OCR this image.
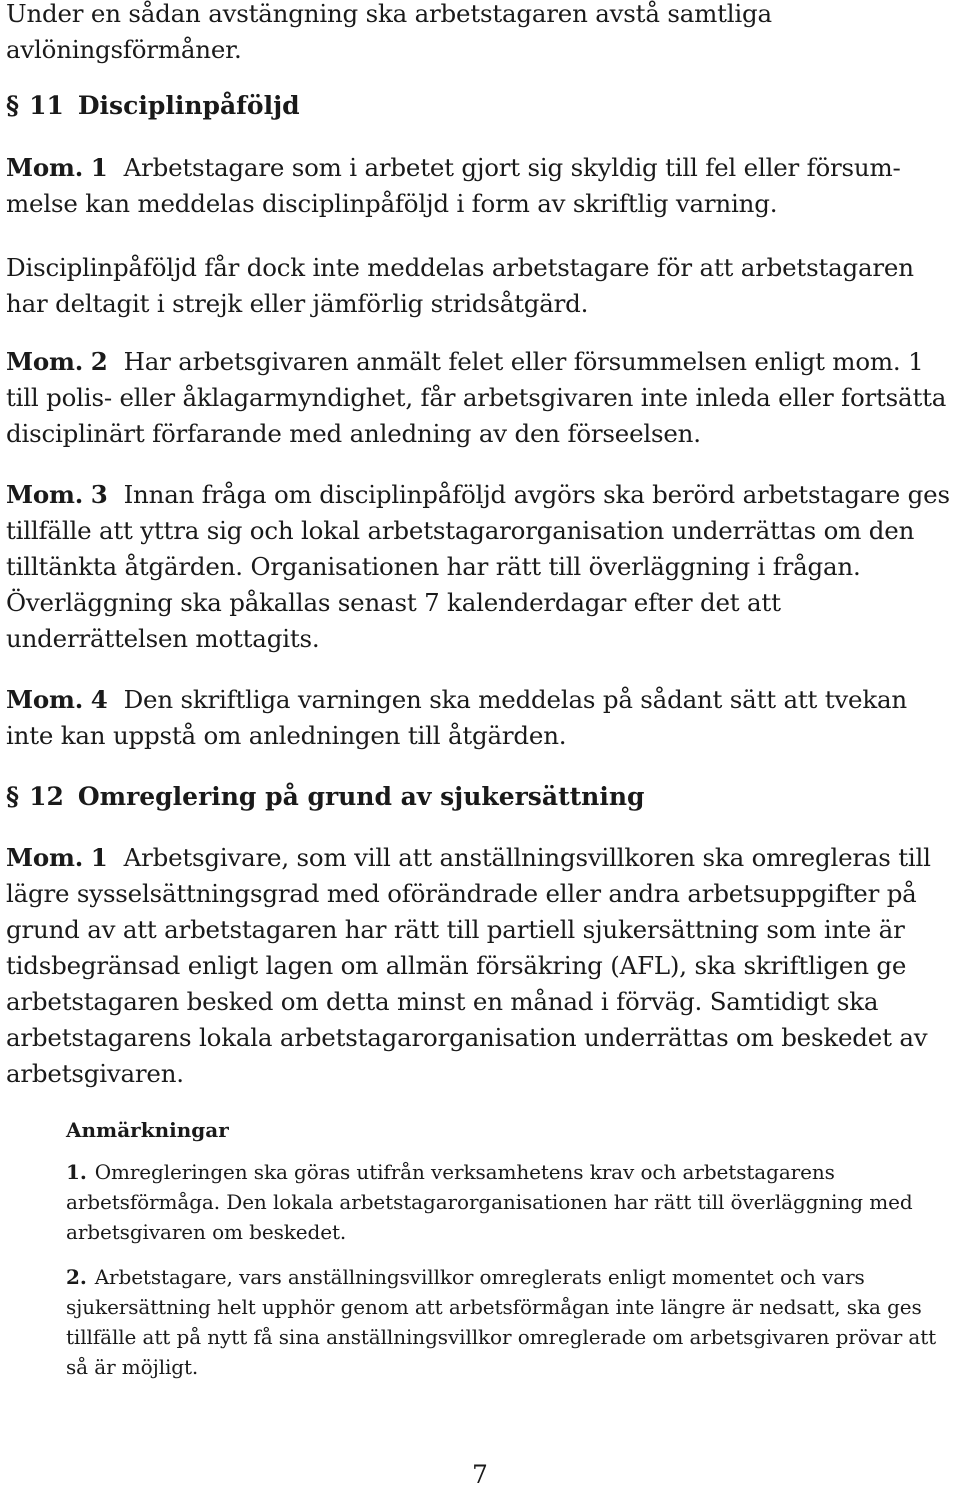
Under en sådan avstängning ska arbetstagaren avstå samtliga avlöningsförmåner.

§ 11 Disciplinpåföljd

Mom. 1 Arbetstagare som i arbetet gjort sig skyldig till fel eller försum-melse kan meddelas disciplinpåföljd i form av skriftlig varning.

Disciplinpåföljd får dock inte meddelas arbetstagare för att arbetstagaren har deltagit i strejk eller jämförlig stridsåtgärd.

Mom. 2 Har arbetsgivaren anmält felet eller försummelsen enligt mom. 1 till polis- eller åklagarmyndighet, får arbetsgivaren inte inleda eller fortsätta disciplinärt förfarande med anledning av den förseelsen.

Mom. 3 Innan fråga om disciplinpåföljd avgörs ska berörd arbetstagare ges tillfälle att yttra sig och lokal arbetstagarorganisation underrättas om den tilltänkta åtgärden. Organisationen har rätt till överläggning i frågan. Överläggning ska påkallas senast 7 kalenderdagar efter det att underrättelsen mottagits.

Mom. 4 Den skriftliga varningen ska meddelas på sådant sätt att tvekan inte kan uppstå om anledningen till åtgärden.

§ 12 Omreglering på grund av sjukersättning

Mom. 1 Arbetsgivare, som vill att anställningsvillkoren ska omregleras till lägre sysselsättningsgrad med oförändrade eller andra arbetsuppgifter på grund av att arbetstagaren har rätt till partiell sjukersättning som inte är tidsbegränsad enligt lagen om allmän försäkring (AFL), ska skriftligen ge arbetstagaren besked om detta minst en månad i förväg. Samtidigt ska arbetstagarens lokala arbetstagarorganisation underrättas om beskedet av arbetsgivaren.

Anmärkningar

1. Omregleringen ska göras utifrån verksamhetens krav och arbetstagarens arbetsförmåga. Den lokala arbetstagarorganisationen har rätt till överläggning med arbetsgivaren om beskedet.

2. Arbetstagare, vars anställningsvillkor omreglerats enligt momentet och vars sjukersättning helt upphör genom att arbetsförmågan inte längre är nedsatt, ska ges tillfälle att på nytt få sina anställningsvillkor omreglerade om arbetsgivaren prövar att så är möjligt.

7
